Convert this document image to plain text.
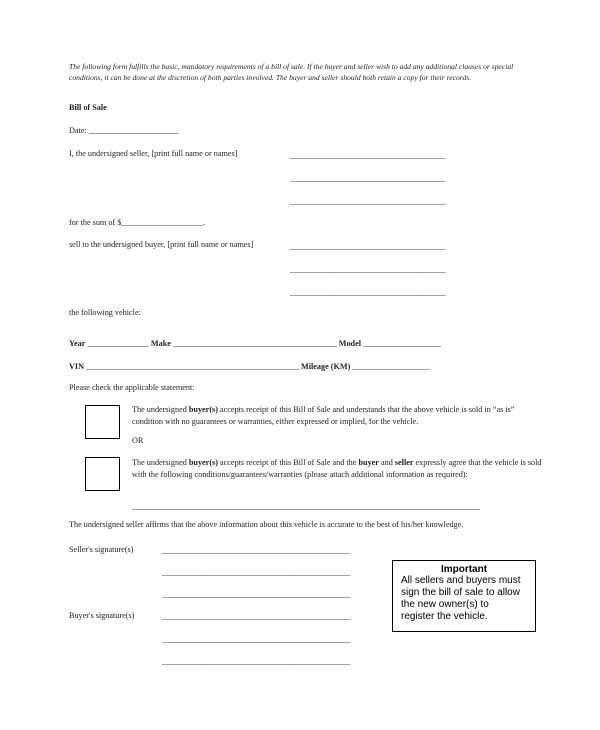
The following form fulfills the basic, mandatory requirements of a bill of sale. If the buyer and seller wish to add any additional clauses or special conditions, it can be done at the discretion of both parties involved. The buyer and seller should both retain a copy for their records.
Bill of Sale
Date: ______________________
I, the undersigned seller, [print full name or names]	______________________________________
______________________________________
______________________________________
for the sum of $____________________.
sell to the undersigned buyer, [print full name or names]	______________________________________
______________________________________
______________________________________
the following vehicle:
Year _______________ Make ________________________________________ Model ___________________
VIN ____________________________________________________ Mileage (KM) ___________________
Please check the applicable statement:
The undersigned buyer(s) accepts receipt of this Bill of Sale and understands that the above vehicle is sold in “as is” condition with no guarantees or warranties, either expressed or implied, for the vehicle.
OR
The undersigned buyer(s) accepts receipt of this Bill of Sale and the buyer and seller expressly agree that the vehicle is sold with the following conditions/guarantees/warranties (please attach additional information as required):
_____________________________________________________________________________________
The undersigned seller affirms that the above information about this vehicle is accurate to the best of his/her knowledge.
Seller's signature(s)	______________________________________________
______________________________________________
______________________________________________
Buyer's signature(s)	______________________________________________
______________________________________________
______________________________________________
Important
All sellers and buyers must
sign the bill of sale to allow
the new owner(s) to
register the vehicle.
